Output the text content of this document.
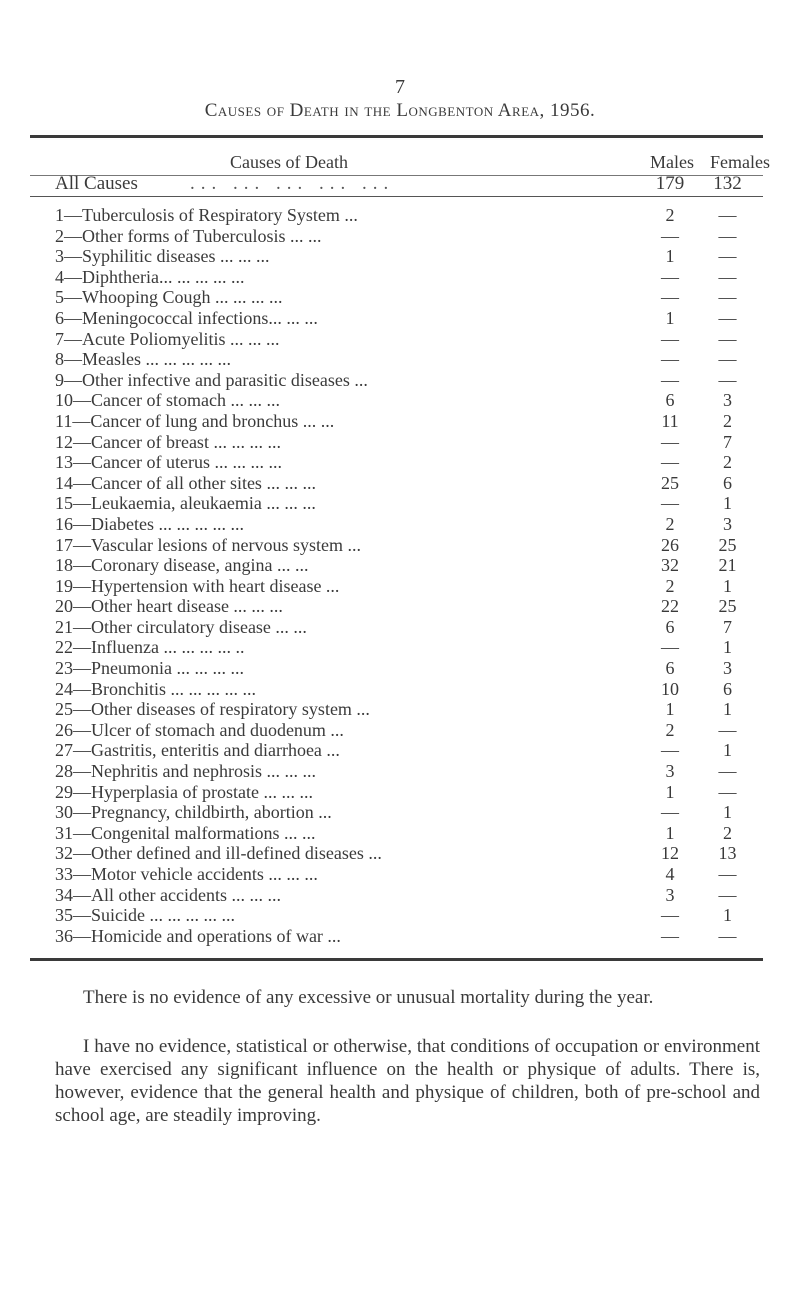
7
Causes of Death in the Longbenton Area, 1956.
Causes of Death	Males Females
All Causes	... ... ... ... ...	179	132
1—Tuberculosis of Respiratory System ...	2	—
2—Other forms of Tuberculosis ... ...	—	—
3—Syphilitic diseases ... ... ...	1	—
4—Diphtheria... ... ... ... ...	—	—
5—Whooping Cough ... ... ... ...	—	—
6—Meningococcal infections... ... ...	1	—
7—Acute Poliomyelitis ... ... ...	—	—
8—Measles ... ... ... ... ...	—	—
9—Other infective and parasitic diseases ...	—	—
10—Cancer of stomach ... ... ...	6	3
11—Cancer of lung and bronchus ... ...	11	2
12—Cancer of breast ... ... ... ...	—	7
13—Cancer of uterus ... ... ... ...	—	2
14—Cancer of all other sites ... ... ...	25	6
15—Leukaemia, aleukaemia ... ... ...	—	1
16—Diabetes ... ... ... ... ...	2	3
17—Vascular lesions of nervous system ...	26	25
18—Coronary disease, angina ... ...	32	21
19—Hypertension with heart disease ...	2	1
20—Other heart disease ... ... ...	22	25
21—Other circulatory disease ... ...	6	7
22—Influenza ... ... ... ... ..	—	1
23—Pneumonia ... ... ... ...	6	3
24—Bronchitis ... ... ... ... ...	10	6
25—Other diseases of respiratory system ...	1	1
26—Ulcer of stomach and duodenum ...	2	—
27—Gastritis, enteritis and diarrhoea ...	—	1
28—Nephritis and nephrosis ... ... ...	3	—
29—Hyperplasia of prostate ... ... ...	1	—
30—Pregnancy, childbirth, abortion ...	—	1
31—Congenital malformations ... ...	1	2
32—Other defined and ill-defined diseases ...	12	13
33—Motor vehicle accidents ... ... ...	4	—
34—All other accidents ... ... ...	3	—
35—Suicide ... ... ... ... ...	—	1
36—Homicide and operations of war ...	—	—

There is no evidence of any excessive or unusual mortality during the year.

I have no evidence, statistical or otherwise, that conditions of occupation or environment have exercised any significant influence on the health or physique of adults. There is, however, evidence that the general health and physique of children, both of pre-school and school age, are steadily improving.
